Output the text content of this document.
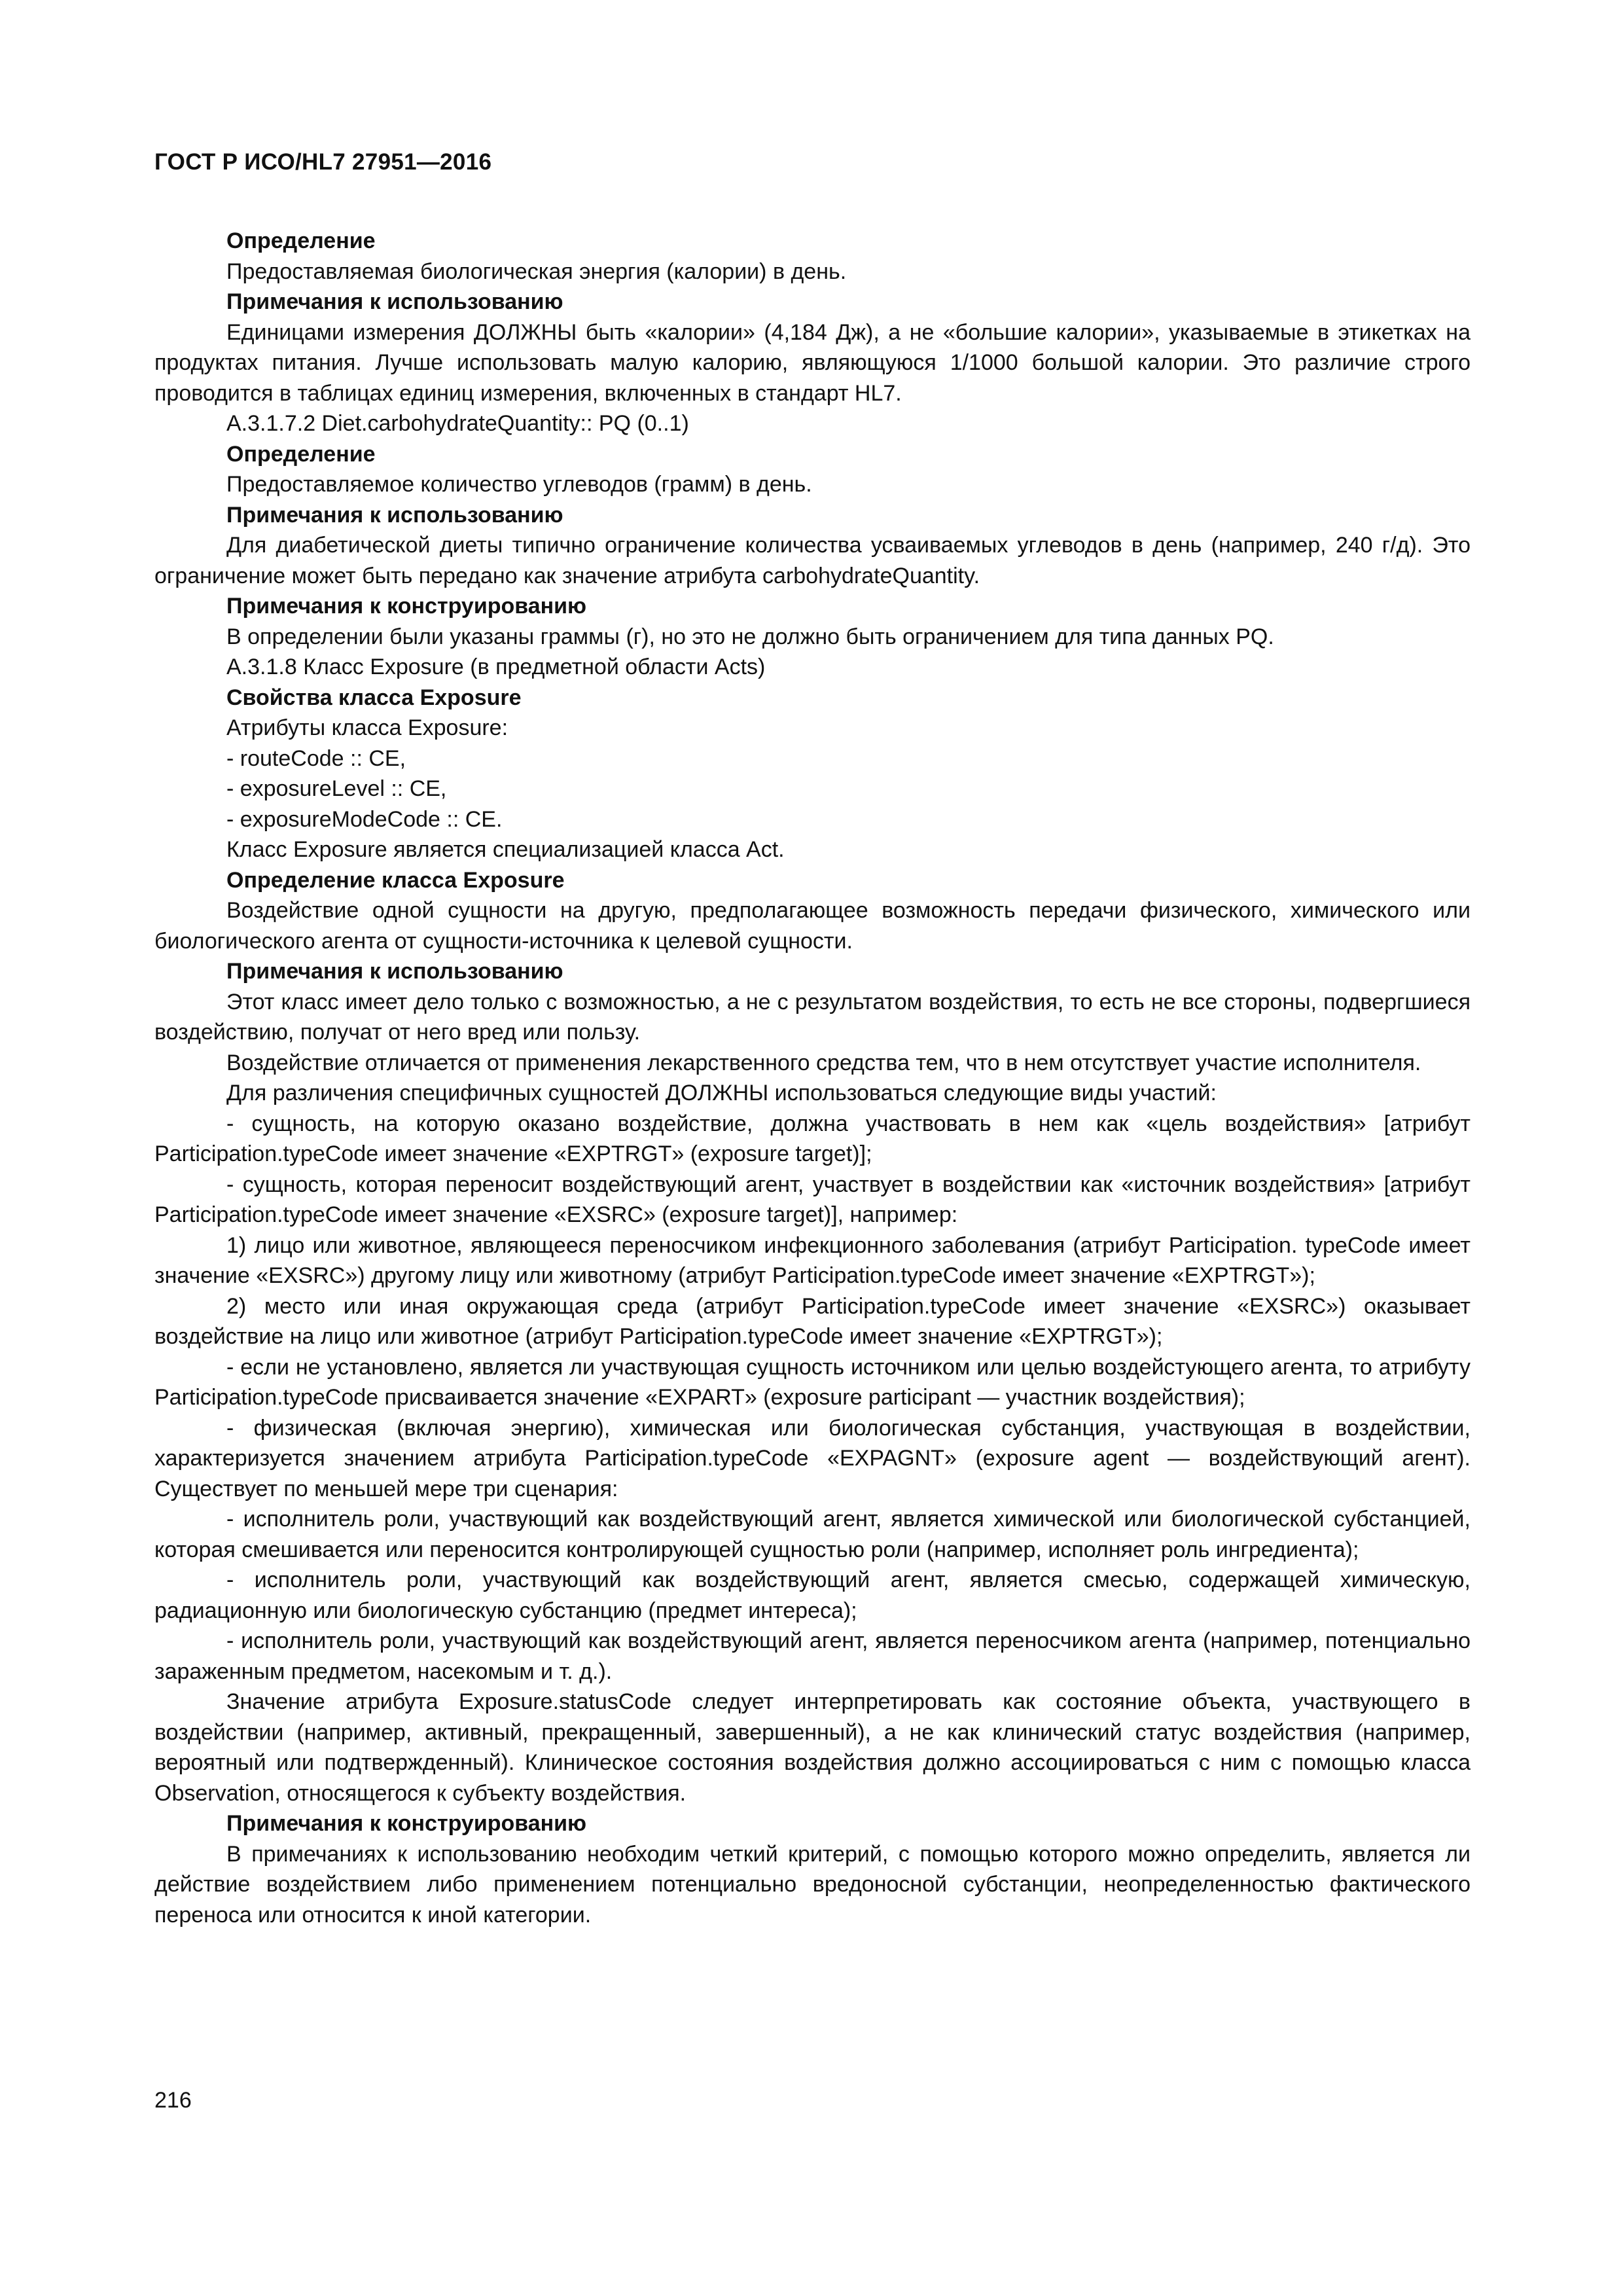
ГОСТ Р ИСО/HL7 27951—2016

Определение

Предоставляемая биологическая энергия (калории) в день.

Примечания к использованию

Единицами измерения ДОЛЖНЫ быть «калории» (4,184 Дж), а не «большие калории», указываемые в этикетках на продуктах питания. Лучше использовать малую калорию, являющуюся 1/1000 большой калории. Это различие строго проводится в таблицах единиц измерения, включенных в стандарт HL7.

А.3.1.7.2 Diet.carbohydrateQuantity:: PQ (0..1)

Определение

Предоставляемое количество углеводов (грамм) в день.

Примечания к использованию

Для диабетической диеты типично ограничение количества усваиваемых углеводов в день (например, 240 г/д). Это ограничение может быть передано как значение атрибута carbohydrateQuantity.

Примечания к конструированию

В определении были указаны граммы (г), но это не должно быть ограничением для типа данных PQ.

А.3.1.8 Класс Exposure (в предметной области Acts)

Свойства класса Exposure

Атрибуты класса Exposure:

- routeCode :: CE,

- exposureLevel :: CE,

- exposureModeCode :: CE.

Класс Exposure является специализацией класса Act.

Определение класса Exposure

Воздействие одной сущности на другую, предполагающее возможность передачи физического, химического или биологического агента от сущности-источника к целевой сущности.

Примечания к использованию

Этот класс имеет дело только с возможностью, а не с результатом воздействия, то есть не все стороны, подвергшиеся воздействию, получат от него вред или пользу.

Воздействие отличается от применения лекарственного средства тем, что в нем отсутствует участие исполнителя.

Для различения специфичных сущностей ДОЛЖНЫ использоваться следующие виды участий:

- сущность, на которую оказано воздействие, должна участвовать в нем как «цель воздействия» [атрибут Participation.typeCode имеет значение «EXPTRGT» (exposure target)];

- сущность, которая переносит воздействующий агент, участвует в воздействии как «источник воздействия» [атрибут Participation.typeCode имеет значение «EXSRC» (exposure target)], например:

1) лицо или животное, являющееся переносчиком инфекционного заболевания (атрибут Participation. typeCode имеет значение «EXSRC») другому лицу или животному (атрибут Participation.typeCode имеет значение «EXPTRGT»);

2) место или иная окружающая среда (атрибут Participation.typeCode имеет значение «EXSRC») оказывает воздействие на лицо или животное (атрибут Participation.typeCode имеет значение «EXPTRGT»);

- если не установлено, является ли участвующая сущность источником или целью воздейстующего агента, то атрибуту Participation.typeCode присваивается значение «EXPART» (exposure participant — участник воздействия);

- физическая (включая энергию), химическая или биологическая субстанция, участвующая в воздействии, характеризуется значением атрибута Participation.typeCode «EXPAGNT» (exposure agent — воздействующий агент). Существует по меньшей мере три сценария:

- исполнитель роли, участвующий как воздействующий агент, является химической или биологической субстанцией, которая смешивается или переносится контролирующей сущностью роли (например, исполняет роль ингредиента);

- исполнитель роли, участвующий как воздействующий агент, является смесью, содержащей химическую, радиационную или биологическую субстанцию (предмет интереса);

- исполнитель роли, участвующий как воздействующий агент, является переносчиком агента (например, потенциально зараженным предметом, насекомым и т. д.).

Значение атрибута Exposure.statusCode следует интерпретировать как состояние объекта, участвующего в воздействии (например, активный, прекращенный, завершенный), а не как клинический статус воздействия (например, вероятный или подтвержденный). Клиническое состояния воздействия должно ассоциироваться с ним с помощью класса Observation, относящегося к субъекту воздействия.

Примечания к конструированию

В примечаниях к использованию необходим четкий критерий, с помощью которого можно определить, является ли действие воздействием либо применением потенциально вредоносной субстанции, неопределенностью фактического переноса или относится к иной категории.

216
